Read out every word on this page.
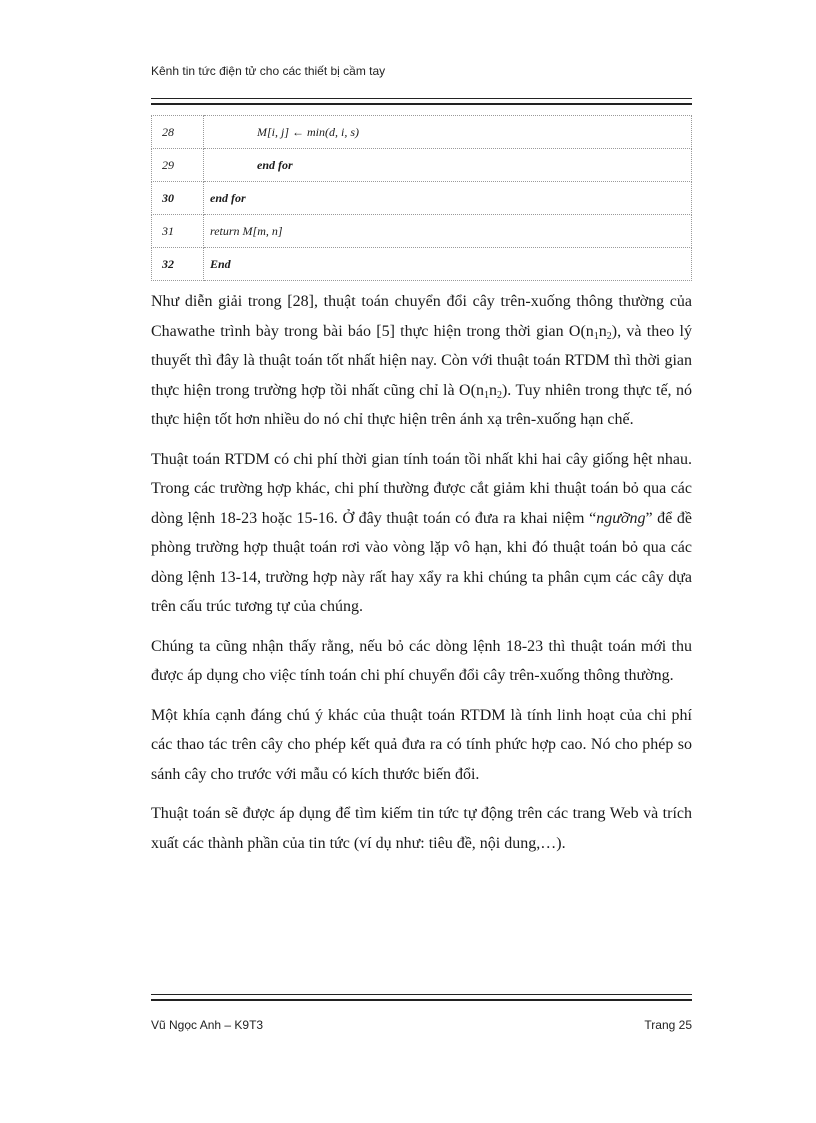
Kênh tin tức điện tử cho các thiết bị cầm tay
28	M[i, j] ← min(d, i, s)
29	end for
30	end for
31	return M[m, n]
32	End

Như diễn giải trong [28], thuật toán chuyển đổi cây trên-xuống thông thường của Chawathe trình bày trong bài báo [5] thực hiện trong thời gian $O(n_1n_2)$, và theo lý thuyết thì đây là thuật toán tốt nhất hiện nay. Còn với thuật toán RTDM thì thời gian thực hiện trong trường hợp tồi nhất cũng chỉ là $O(n_1n_2)$. Tuy nhiên trong thực tế, nó thực hiện tốt hơn nhiều do nó chỉ thực hiện trên ánh xạ trên-xuống hạn chế.

Thuật toán RTDM có chi phí thời gian tính toán tồi nhất khi hai cây giống hệt nhau. Trong các trường hợp khác, chi phí thường được cắt giảm khi thuật toán bỏ qua các dòng lệnh 18-23 hoặc 15-16. Ở đây thuật toán có đưa ra khai niệm “ngưỡng” để đề phòng trường hợp thuật toán rơi vào vòng lặp vô hạn, khi đó thuật toán bỏ qua các dòng lệnh 13-14, trường hợp này rất hay xẩy ra khi chúng ta phân cụm các cây dựa trên cấu trúc tương tự của chúng.

Chúng ta cũng nhận thấy rằng, nếu bỏ các dòng lệnh 18-23 thì thuật toán mới thu được áp dụng cho việc tính toán chi phí chuyển đổi cây trên-xuống thông thường.

Một khía cạnh đáng chú ý khác của thuật toán RTDM là tính linh hoạt của chi phí các thao tác trên cây cho phép kết quả đưa ra có tính phức hợp cao. Nó cho phép so sánh cây cho trước với mẫu có kích thước biến đổi.

Thuật toán sẽ được áp dụng để tìm kiếm tin tức tự động trên các trang Web và trích xuất các thành phần của tin tức (ví dụ như: tiêu đề, nội dung,…).

Vũ Ngọc Anh – K9T3	Trang 25
